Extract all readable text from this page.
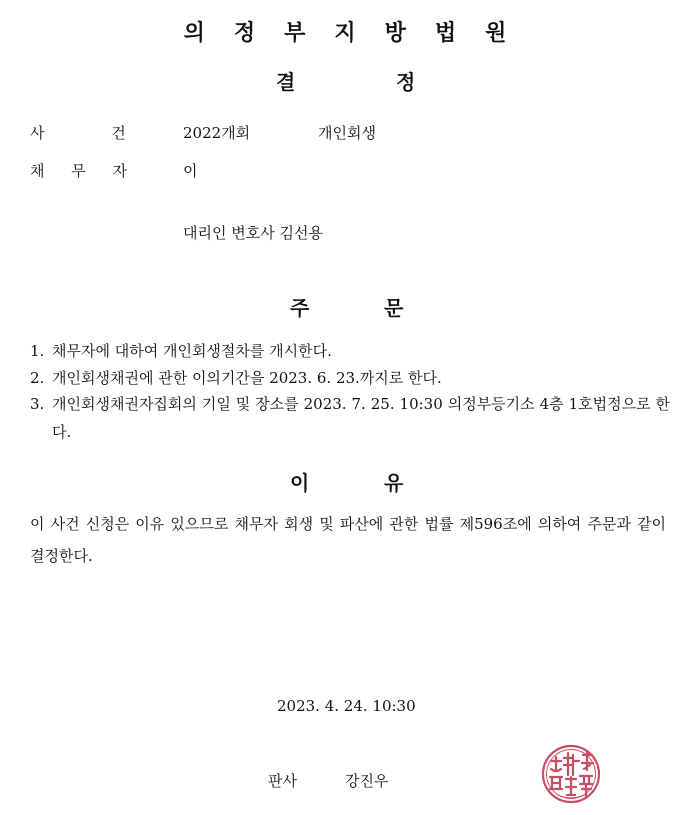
의정부지방법원
결	정
사 건	2022개회	개인회생
채 무 자	이
대리인 변호사 김선용
주	문
1. 채무자에 대하여 개인회생절차를 개시한다.
2. 개인회생채권에 관한 이의기간을 2023. 6. 23.까지로 한다.
3. 개인회생채권자집회의 기일 및 장소를 2023. 7. 25. 10:30 의정부등기소 4층 1호법정으로 한다.
이	유
이 사건 신청은 이유 있으므로 채무자 회생 및 파산에 관한 법률 제596조에 의하여 주문과 같이 결정한다.
2023. 4. 24. 10:30
판사	강진우
